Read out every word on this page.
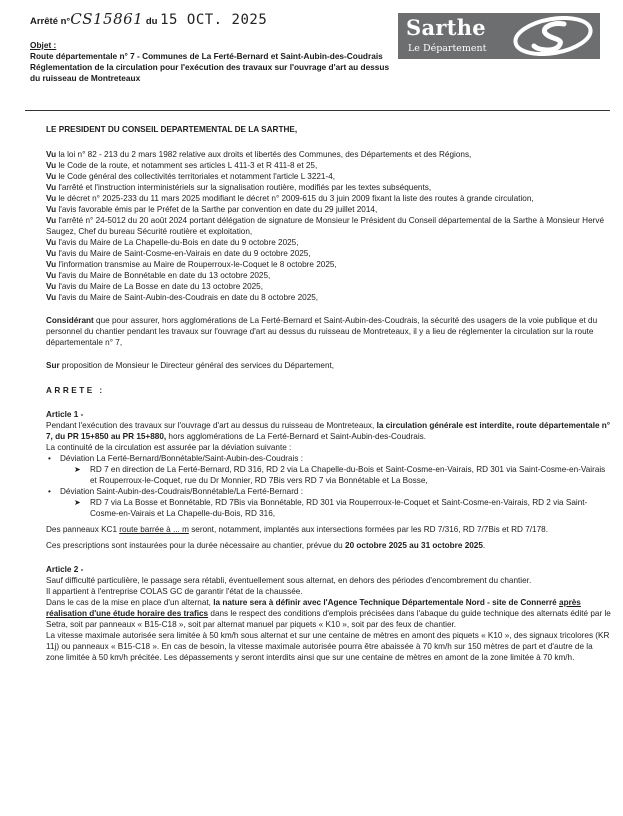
Arrêté n°CS15861 du 15 OCT. 2025
Objet :
Route départementale n° 7 - Communes de La Ferté-Bernard et Saint-Aubin-des-Coudrais
Réglementation de la circulation pour l'exécution des travaux sur l'ouvrage d'art au dessus du ruisseau de Montreteaux
Sarthe
Le Département
LE PRESIDENT DU CONSEIL DEPARTEMENTAL DE LA SARTHE,

Vu la loi n° 82 - 213 du 2 mars 1982 relative aux droits et libertés des Communes, des Départements et des Régions,

Vu le Code de la route, et notamment ses articles L 411-3 et R 411-8 et 25,

Vu le Code général des collectivités territoriales et notamment l'article L 3221-4,

Vu l'arrêté et l'instruction interministériels sur la signalisation routière, modifiés par les textes subséquents,

Vu le décret n° 2025-233 du 11 mars 2025 modifiant le décret n° 2009-615 du 3 juin 2009 fixant la liste des routes à grande circulation,

Vu l'avis favorable émis par le Préfet de la Sarthe par convention en date du 29 juillet 2014,

Vu l'arrêté n° 24-5012 du 20 août 2024 portant délégation de signature de Monsieur le Président du Conseil départemental de la Sarthe à Monsieur Hervé Saugez, Chef du bureau Sécurité routière et exploitation,

Vu l'avis du Maire de La Chapelle-du-Bois en date du 9 octobre 2025,

Vu l'avis du Maire de Saint-Cosme-en-Vairais en date du 9 octobre 2025,

Vu l'information transmise au Maire de Rouperroux-le-Coquet le 8 octobre 2025,

Vu l'avis du Maire de Bonnétable en date du 13 octobre 2025,

Vu l'avis du Maire de La Bosse en date du 13 octobre 2025,

Vu l'avis du Maire de Saint-Aubin-des-Coudrais en date du 8 octobre 2025,

Considérant que pour assurer, hors agglomérations de La Ferté-Bernard et Saint-Aubin-des-Coudrais, la sécurité des usagers de la voie publique et du personnel du chantier pendant les travaux sur l'ouvrage d'art au dessus du ruisseau de Montreteaux, il y a lieu de réglementer la circulation sur la route départementale n° 7,

Sur proposition de Monsieur le Directeur général des services du Département,

ARRETE :
Article 1 -

Pendant l'exécution des travaux sur l'ouvrage d'art au dessus du ruisseau de Montreteaux, la circulation générale est interdite, route départementale n° 7, du PR 15+850 au PR 15+880, hors agglomérations de La Ferté-Bernard et Saint-Aubin-des-Coudrais.

La continuité de la circulation est assurée par la déviation suivante :

• Déviation La Ferté-Bernard/Bonnétable/Saint-Aubin-des-Coudrais :
➤ RD 7 en direction de La Ferté-Bernard, RD 316, RD 2 via La Chapelle-du-Bois et Saint-Cosme-en-Vairais, RD 301 via Saint-Cosme-en-Vairais et Rouperroux-le-Coquet, rue du Dr Monnier, RD 7Bis vers RD 7 via Bonnétable et La Bosse,
• Déviation Saint-Aubin-des-Coudrais/Bonnétable/La Ferté-Bernard :
➤ RD 7 via La Bosse et Bonnétable, RD 7Bis via Bonnétable, RD 301 via Rouperroux-le-Coquet et Saint-Cosme-en-Vairais, RD 2 via Saint-Cosme-en-Vairais et La Chapelle-du-Bois, RD 316,

Des panneaux KC1 route barrée à ... m seront, notamment, implantés aux intersections formées par les RD 7/316, RD 7/7Bis et RD 7/178.

Ces prescriptions sont instaurées pour la durée nécessaire au chantier, prévue du 20 octobre 2025 au 31 octobre 2025.

Article 2 -

Sauf difficulté particulière, le passage sera rétabli, éventuellement sous alternat, en dehors des périodes d'encombrement du chantier.

Il appartient à l'entreprise COLAS GC de garantir l'état de la chaussée.

Dans le cas de la mise en place d'un alternat, la nature sera à définir avec l'Agence Technique Départementale Nord - site de Connerré après réalisation d'une étude horaire des trafics dans le respect des conditions d'emplois précisées dans l'abaque du guide technique des alternats édité par le Setra, soit par panneaux « B15-C18 », soit par alternat manuel par piquets « K10 », soit par des feux de chantier.

La vitesse maximale autorisée sera limitée à 50 km/h sous alternat et sur une centaine de mètres en amont des piquets « K10 », des signaux tricolores (KR 11j) ou panneaux « B15-C18 ». En cas de besoin, la vitesse maximale autorisée pourra être abaissée à 70 km/h sur 150 mètres de part et d'autre de la zone limitée à 50 km/h précitée. Les dépassements y seront interdits ainsi que sur une centaine de mètres en amont de la zone limitée à 70 km/h.
